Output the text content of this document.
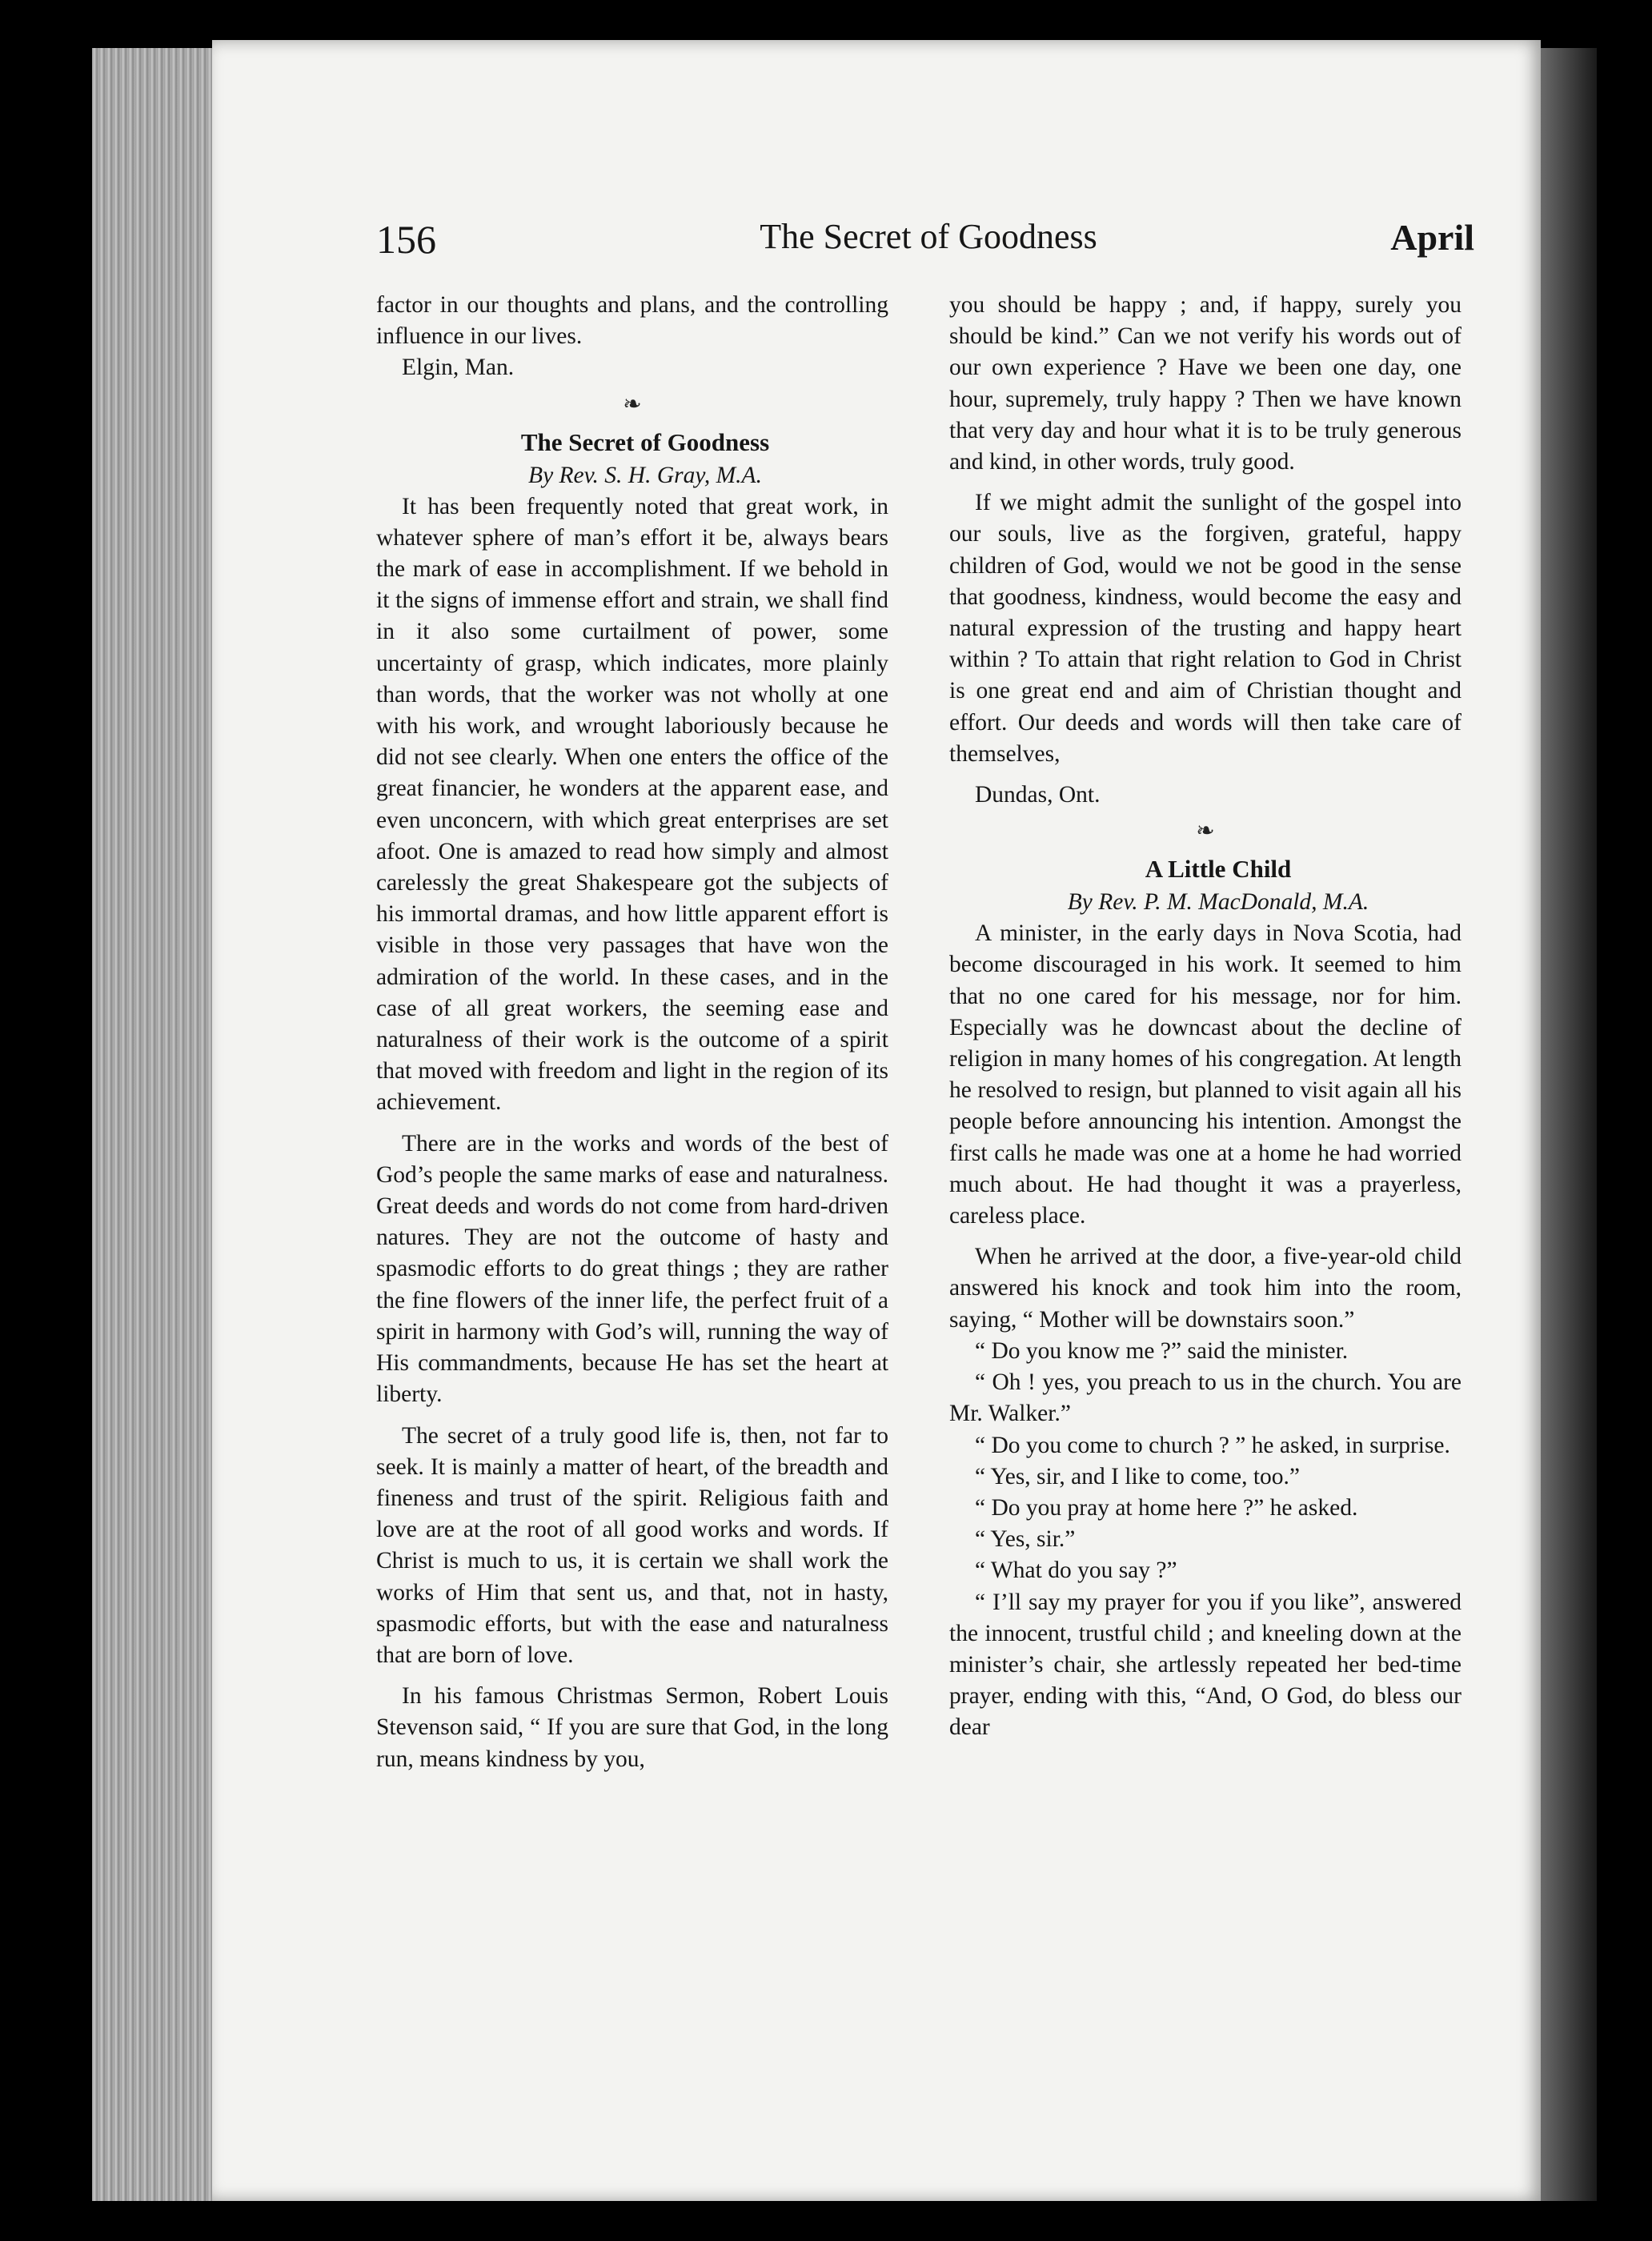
156	The Secret of Goodness	April

factor in our thoughts and plans, and the controlling influence in our lives.

Elgin, Man.

❧

The Secret of Goodness

By Rev. S. H. Gray, M.A.

It has been frequently noted that great work, in whatever sphere of man’s effort it be, always bears the mark of ease in accomplishment. If we behold in it the signs of immense effort and strain, we shall find in it also some curtailment of power, some uncertainty of grasp, which indicates, more plainly than words, that the worker was not wholly at one with his work, and wrought laboriously because he did not see clearly. When one enters the office of the great financier, he wonders at the apparent ease, and even unconcern, with which great enterprises are set afoot. One is amazed to read how simply and almost carelessly the great Shakespeare got the subjects of his immortal dramas, and how little apparent effort is visible in those very passages that have won the admiration of the world. In these cases, and in the case of all great workers, the seeming ease and naturalness of their work is the outcome of a spirit that moved with freedom and light in the region of its achievement.

There are in the works and words of the best of God’s people the same marks of ease and naturalness. Great deeds and words do not come from hard-driven natures. They are not the outcome of hasty and spasmodic efforts to do great things ; they are rather the fine flowers of the inner life, the perfect fruit of a spirit in harmony with God’s will, running the way of His commandments, because He has set the heart at liberty.

The secret of a truly good life is, then, not far to seek. It is mainly a matter of heart, of the breadth and fineness and trust of the spirit. Religious faith and love are at the root of all good works and words. If Christ is much to us, it is certain we shall work the works of Him that sent us, and that, not in hasty, spasmodic efforts, but with the ease and naturalness that are born of love.

In his famous Christmas Sermon, Robert Louis Stevenson said, “ If you are sure that God, in the long run, means kindness by you,

you should be happy ; and, if happy, surely you should be kind.” Can we not verify his words out of our own experience ? Have we been one day, one hour, supremely, truly happy ? Then we have known that very day and hour what it is to be truly generous and kind, in other words, truly good.

If we might admit the sunlight of the gospel into our souls, live as the forgiven, grateful, happy children of God, would we not be good in the sense that goodness, kindness, would become the easy and natural expression of the trusting and happy heart within ? To attain that right relation to God in Christ is one great end and aim of Christian thought and effort. Our deeds and words will then take care of themselves,

Dundas, Ont.

❧

A Little Child

By Rev. P. M. MacDonald, M.A.

A minister, in the early days in Nova Scotia, had become discouraged in his work. It seemed to him that no one cared for his message, nor for him. Especially was he downcast about the decline of religion in many homes of his congregation. At length he resolved to resign, but planned to visit again all his people before announcing his intention. Amongst the first calls he made was one at a home he had worried much about. He had thought it was a prayerless, careless place.

When he arrived at the door, a five-year-old child answered his knock and took him into the room, saying, “ Mother will be downstairs soon.”

“ Do you know me ?” said the minister.

“ Oh ! yes, you preach to us in the church. You are Mr. Walker.”

“ Do you come to church ? ” he asked, in surprise.

“ Yes, sir, and I like to come, too.”

“ Do you pray at home here ?” he asked.

“ Yes, sir.”

“ What do you say ?”

“ I’ll say my prayer for you if you like”, answered the innocent, trustful child ; and kneeling down at the minister’s chair, she artlessly repeated her bed-time prayer, ending with this, “And, O God, do bless our dear
